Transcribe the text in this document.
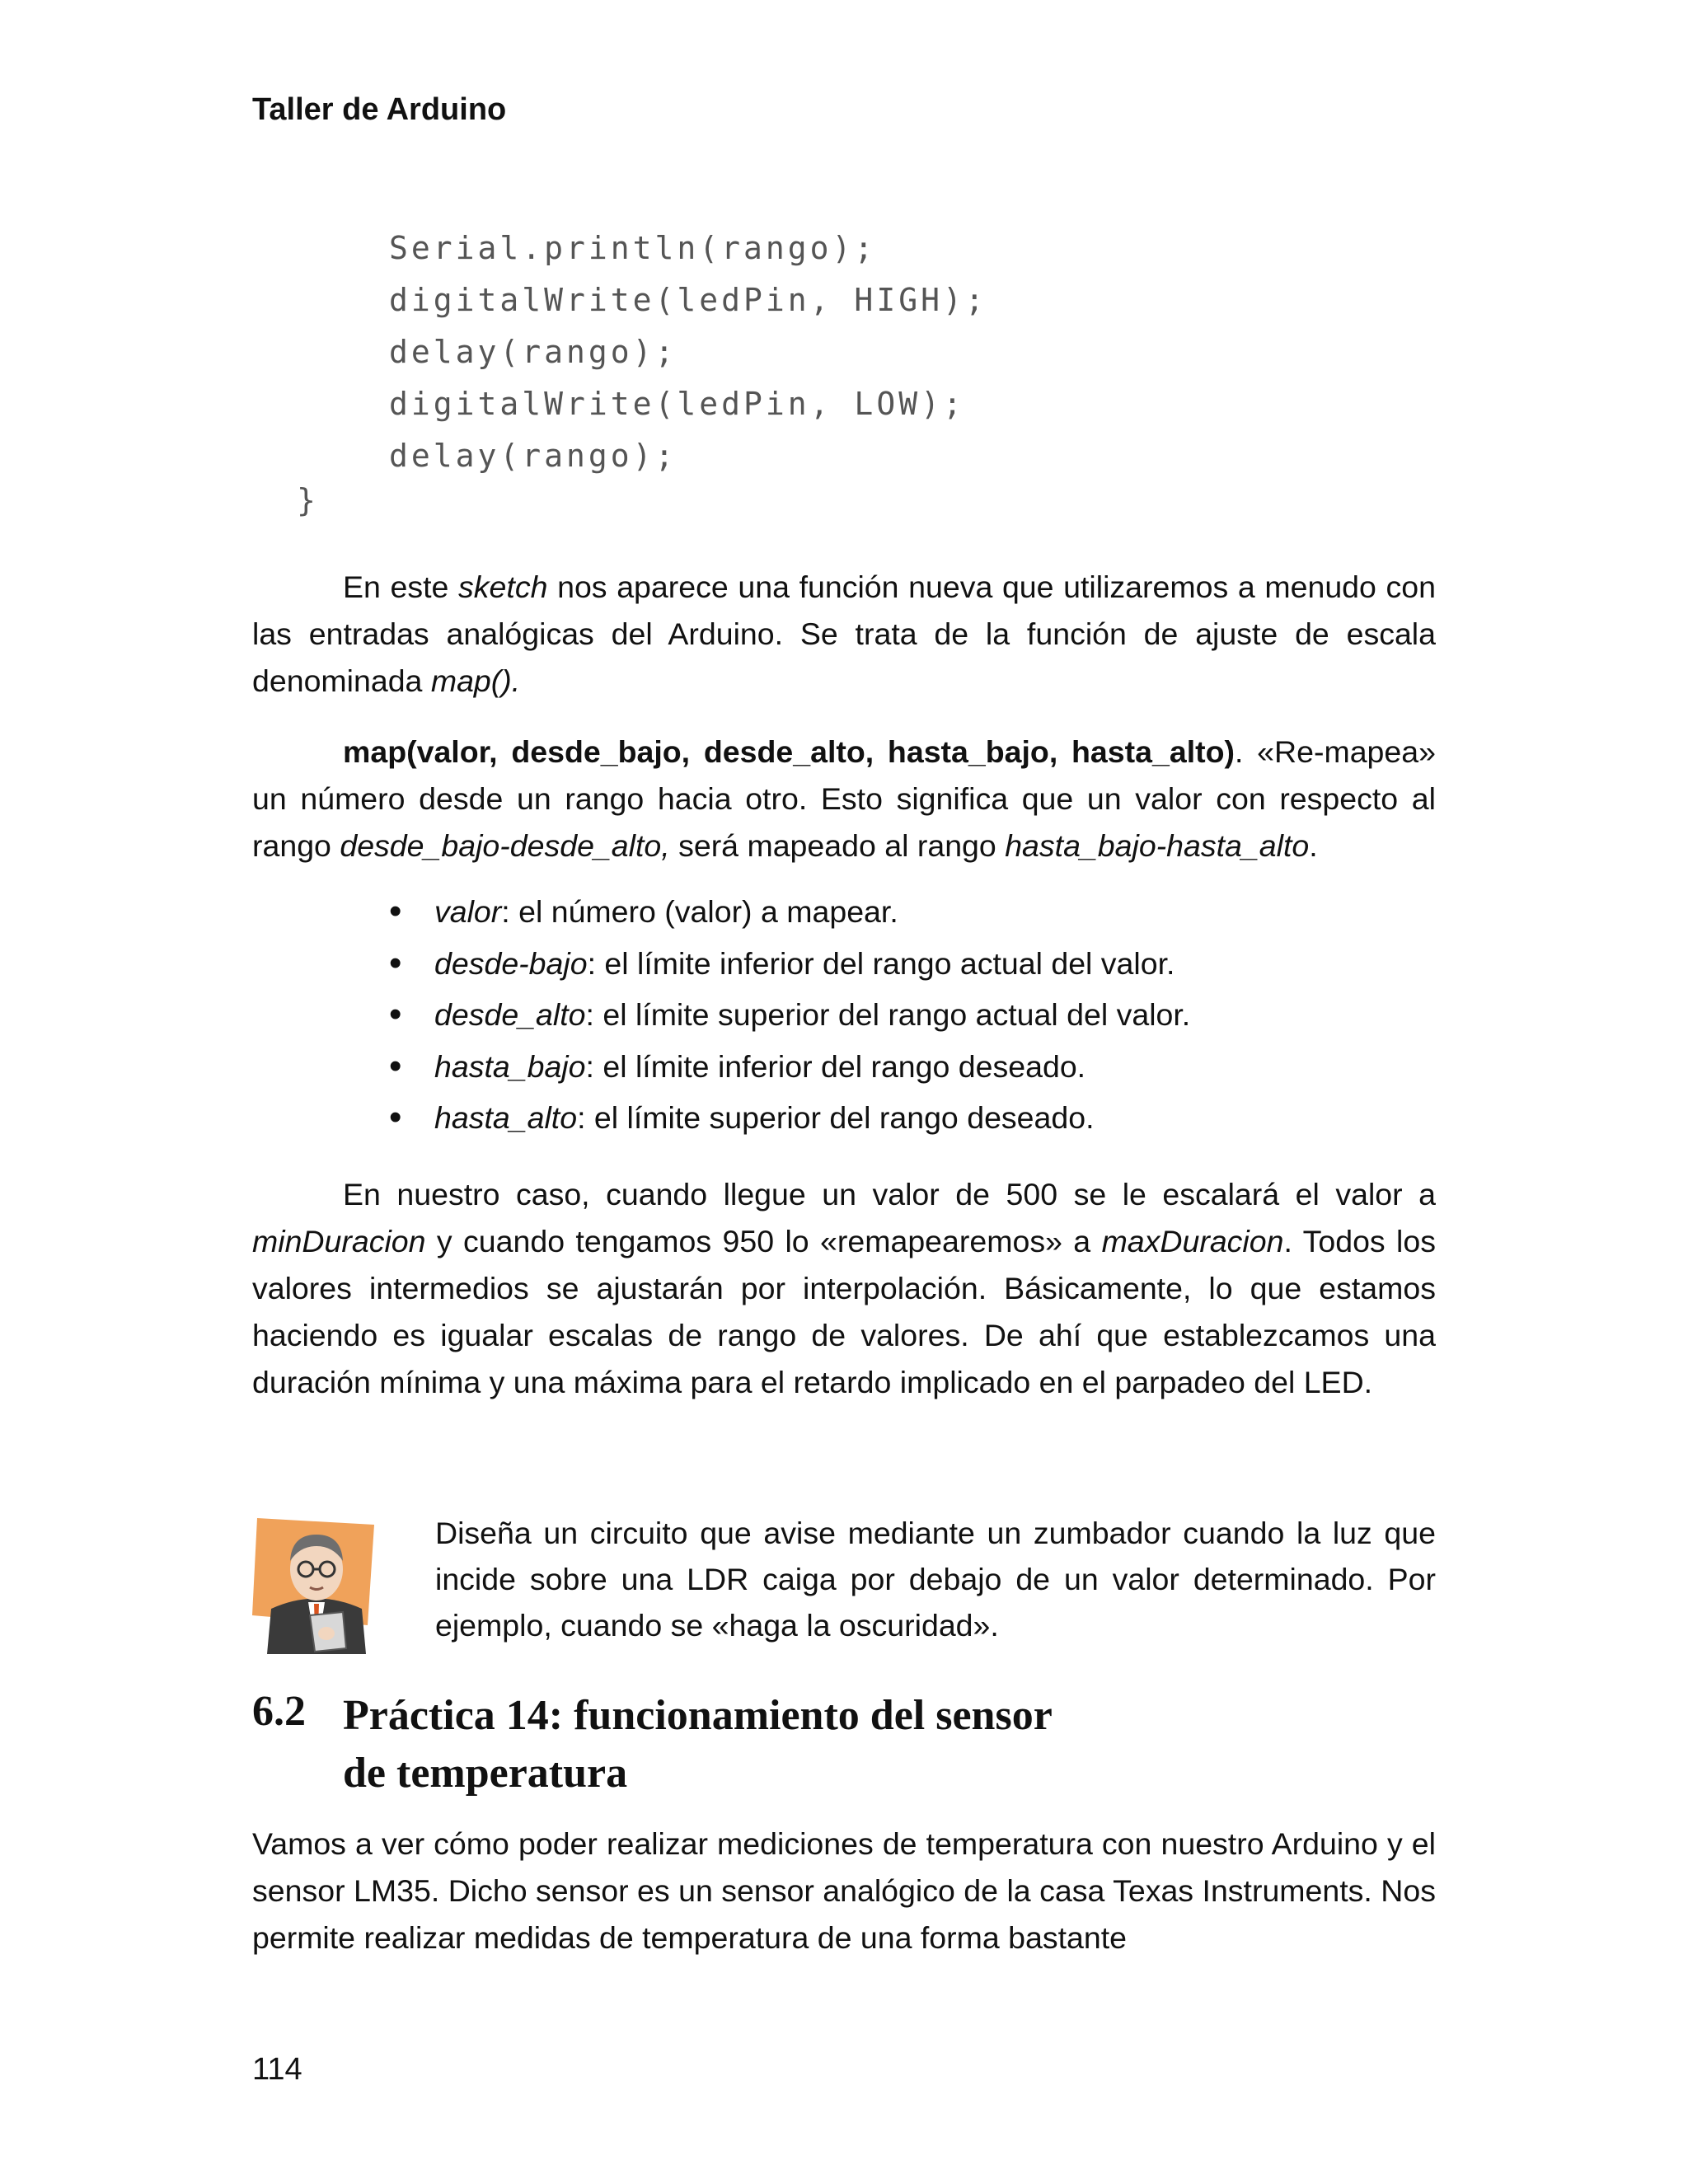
Taller de Arduino
Serial.println(rango);
digitalWrite(ledPin, HIGH);
delay(rango);
digitalWrite(ledPin, LOW);
delay(rango);
}

En este sketch nos aparece una función nueva que utilizaremos a menudo con las entradas analógicas del Arduino. Se trata de la función de ajuste de escala denominada map().

map(valor, desde_bajo, desde_alto, hasta_bajo, hasta_alto). «Re-mapea» un número desde un rango hacia otro. Esto significa que un valor con respecto al rango desde_bajo-desde_alto, será mapeado al rango hasta_bajo-hasta_alto.

• valor: el número (valor) a mapear.
• desde-bajo: el límite inferior del rango actual del valor.
• desde_alto: el límite superior del rango actual del valor.
• hasta_bajo: el límite inferior del rango deseado.
• hasta_alto: el límite superior del rango deseado.

En nuestro caso, cuando llegue un valor de 500 se le escalará el valor a minDuracion y cuando tengamos 950 lo «remapearemos» a maxDuracion. Todos los valores intermedios se ajustarán por interpolación. Básicamente, lo que estamos haciendo es igualar escalas de rango de valores. De ahí que establezcamos una duración mínima y una máxima para el retardo implicado en el parpadeo del LED.

Diseña un circuito que avise mediante un zumbador cuando la luz que incide sobre una LDR caiga por debajo de un valor determinado. Por ejemplo, cuando se «haga la oscuridad».

6.2 Práctica 14: funcionamiento del sensor
de temperatura

Vamos a ver cómo poder realizar mediciones de temperatura con nuestro Arduino y el sensor LM35. Dicho sensor es un sensor analógico de la casa Texas Instruments. Nos permite realizar medidas de temperatura de una forma bastante

114
